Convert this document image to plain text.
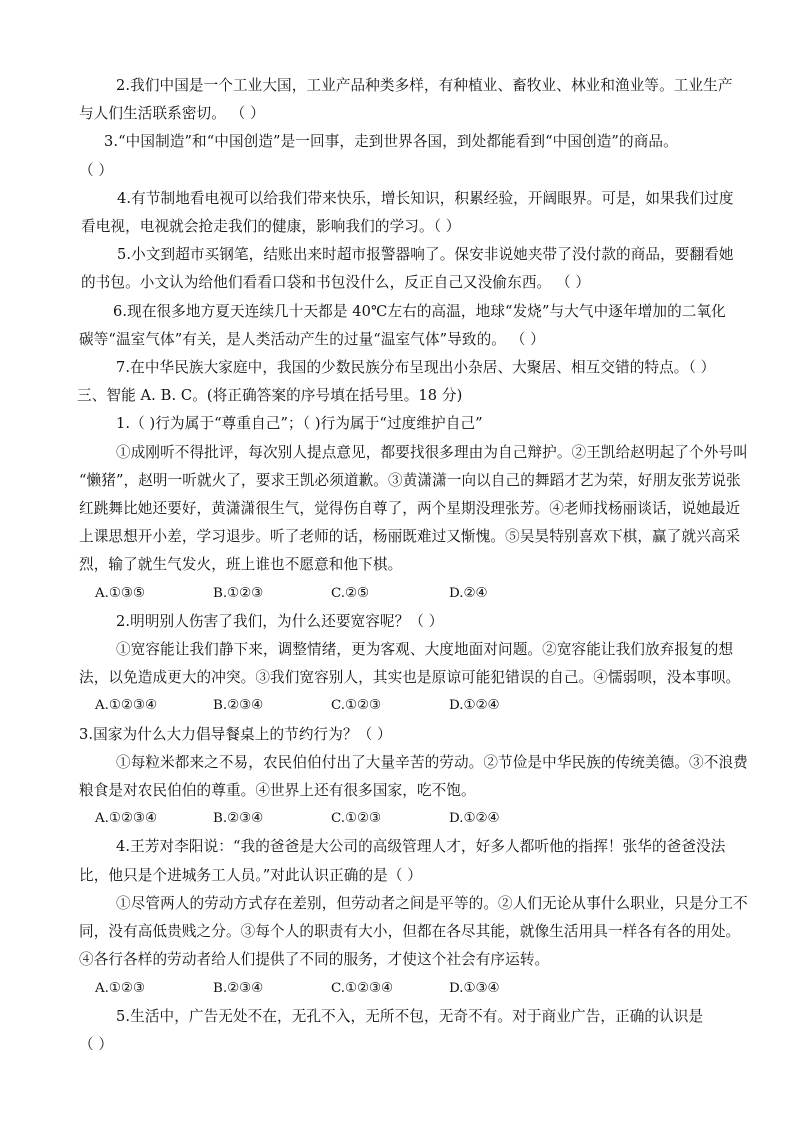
2.我们中国是一个工业大国，工业产品种类多样，有种植业、畜牧业、林业和渔业等。工业生产
与人们生活联系密切。 （ ）
3.“中国制造”和“中国创造”是一回事，走到世界各国，到处都能看到“中国创造”的商品。
（ ）
4.有节制地看电视可以给我们带来快乐，增长知识，积累经验，开阔眼界。可是，如果我们过度
看电视，电视就会抢走我们的健康，影响我们的学习。（ ）
5.小文到超市买钢笔，结账出来时超市报警器响了。保安非说她夹带了没付款的商品，要翻看她
的书包。小文认为给他们看看口袋和书包没什么，反正自己又没偷东西。 （ ）
6.现在很多地方夏天连续几十天都是 40℃左右的高温，地球“发烧”与大气中逐年增加的二氧化
碳等“温室气体”有关，是人类活动产生的过量“温室气体”导致的。 （ ）
7.在中华民族大家庭中，我国的少数民族分布呈现出小杂居、大聚居、相互交错的特点。（ ）
三、智能 A. B. C。(将正确答案的序号填在括号里。18 分)
1.（ )行为属于“尊重自己”；（ )行为属于“过度维护自己”
①成刚听不得批评，每次别人提点意见，都要找很多理由为自己辩护。②王凯给赵明起了个外号叫
“懒猪”，赵明一听就火了，要求王凯必须道歉。③黄潇潇一向以自己的舞蹈才艺为荣，好朋友张芳说张
红跳舞比她还要好，黄潇潇很生气，觉得伤自尊了，两个星期没理张芳。④老师找杨丽谈话，说她最近
上课思想开小差，学习退步。听了老师的话，杨丽既难过又惭愧。⑤吴昊特别喜欢下棋，赢了就兴高采
烈，输了就生气发火，班上谁也不愿意和他下棋。
A.①③⑤	B.①②③	C.②⑤	D.②④
2.明明别人伤害了我们，为什么还要宽容呢？（ ）
①宽容能让我们静下来，调整情绪，更为客观、大度地面对问题。②宽容能让我们放弃报复的想
法，以免造成更大的冲突。③我们宽容别人，其实也是原谅可能犯错误的自己。④懦弱呗，没本事呗。
A.①②③④	B.②③④	C.①②③	D.①②④
3.国家为什么大力倡导餐桌上的节约行为？（ ）
①每粒米都来之不易，农民伯伯付出了大量辛苦的劳动。②节俭是中华民族的传统美德。③不浪费
粮食是对农民伯伯的尊重。④世界上还有很多国家，吃不饱。
A.①②③④	B.②③④	C.①②③	D.①②④
4.王芳对李阳说：“我的爸爸是大公司的高级管理人才，好多人都听他的指挥！张华的爸爸没法
比，他只是个进城务工人员。”对此认识正确的是（ ）
①尽管两人的劳动方式存在差别，但劳动者之间是平等的。②人们无论从事什么职业，只是分工不
同，没有高低贵贱之分。③每个人的职责有大小，但都在各尽其能，就像生活用具一样各有各的用处。
④各行各样的劳动者给人们提供了不同的服务，才使这个社会有序运转。
A.①②③	B.②③④	C.①②③④	D.①③④
5.生活中，广告无处不在，无孔不入，无所不包，无奇不有。对于商业广告，正确的认识是
（ ）
